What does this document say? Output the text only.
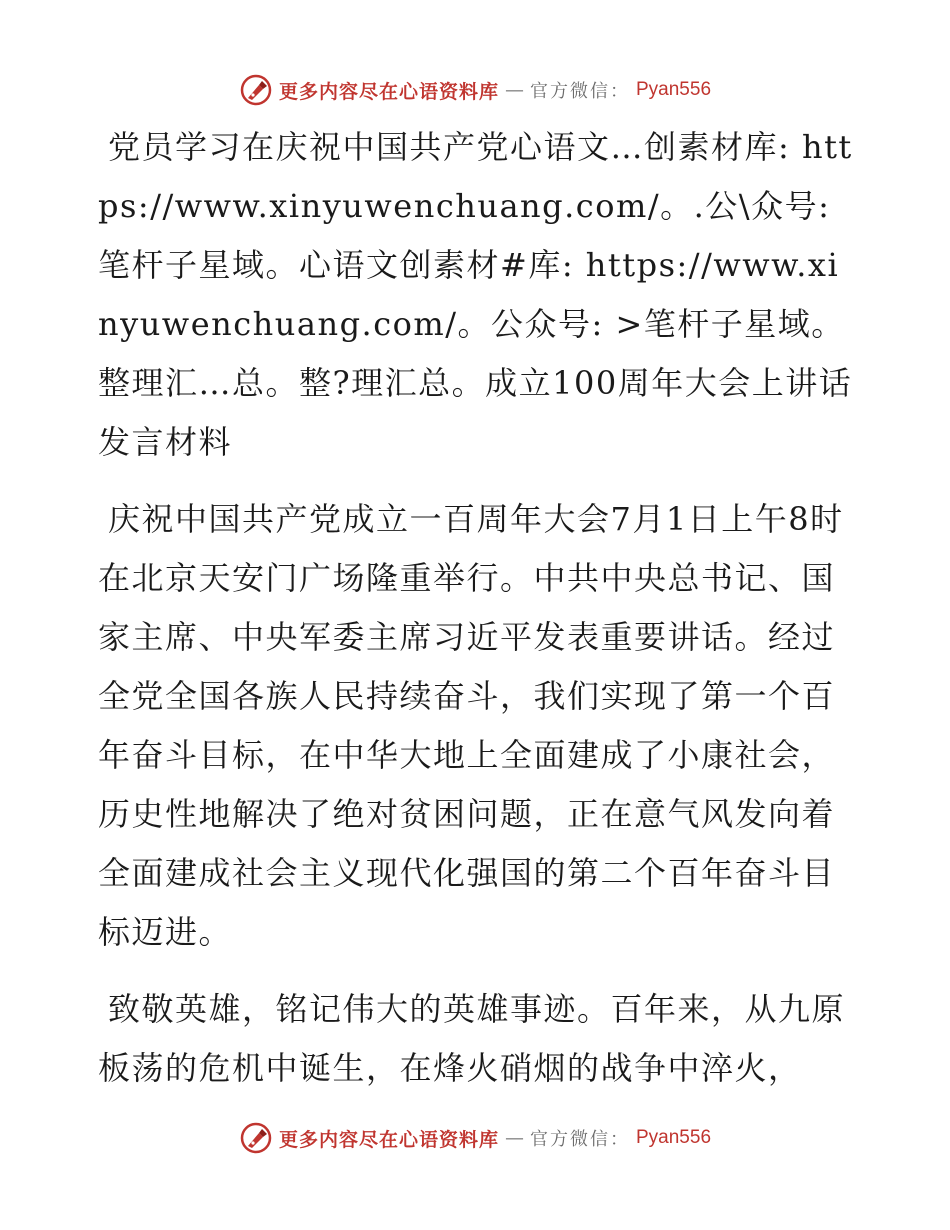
更多内容尽在心语资料库 — 官方微信： Pyan556

党员学习在庆祝中国共产党心语文…创素材库: https://www.xinyuwenchuang.com/。.公\众号: 笔杆子星域。心语文创素材#库: https://www.xinyuwenchuang.com/。公众号: >笔杆子星域。整理汇…总。整?理汇总。成立100周年大会上讲话发言材料

庆祝中国共产党成立一百周年大会7月1日上午8时在北京天安门广场隆重举行。中共中央总书记、国家主席、中央军委主席习近平发表重要讲话。经过全党全国各族人民持续奋斗，我们实现了第一个百年奋斗目标，在中华大地上全面建成了小康社会，历史性地解决了绝对贫困问题，正在意气风发向着全面建成社会主义现代化强国的第二个百年奋斗目标迈进。

致敬英雄，铭记伟大的英雄事迹。百年来，从九原板荡的危机中诞生，在烽火硝烟的战争中淬火，

更多内容尽在心语资料库 — 官方微信： Pyan556
